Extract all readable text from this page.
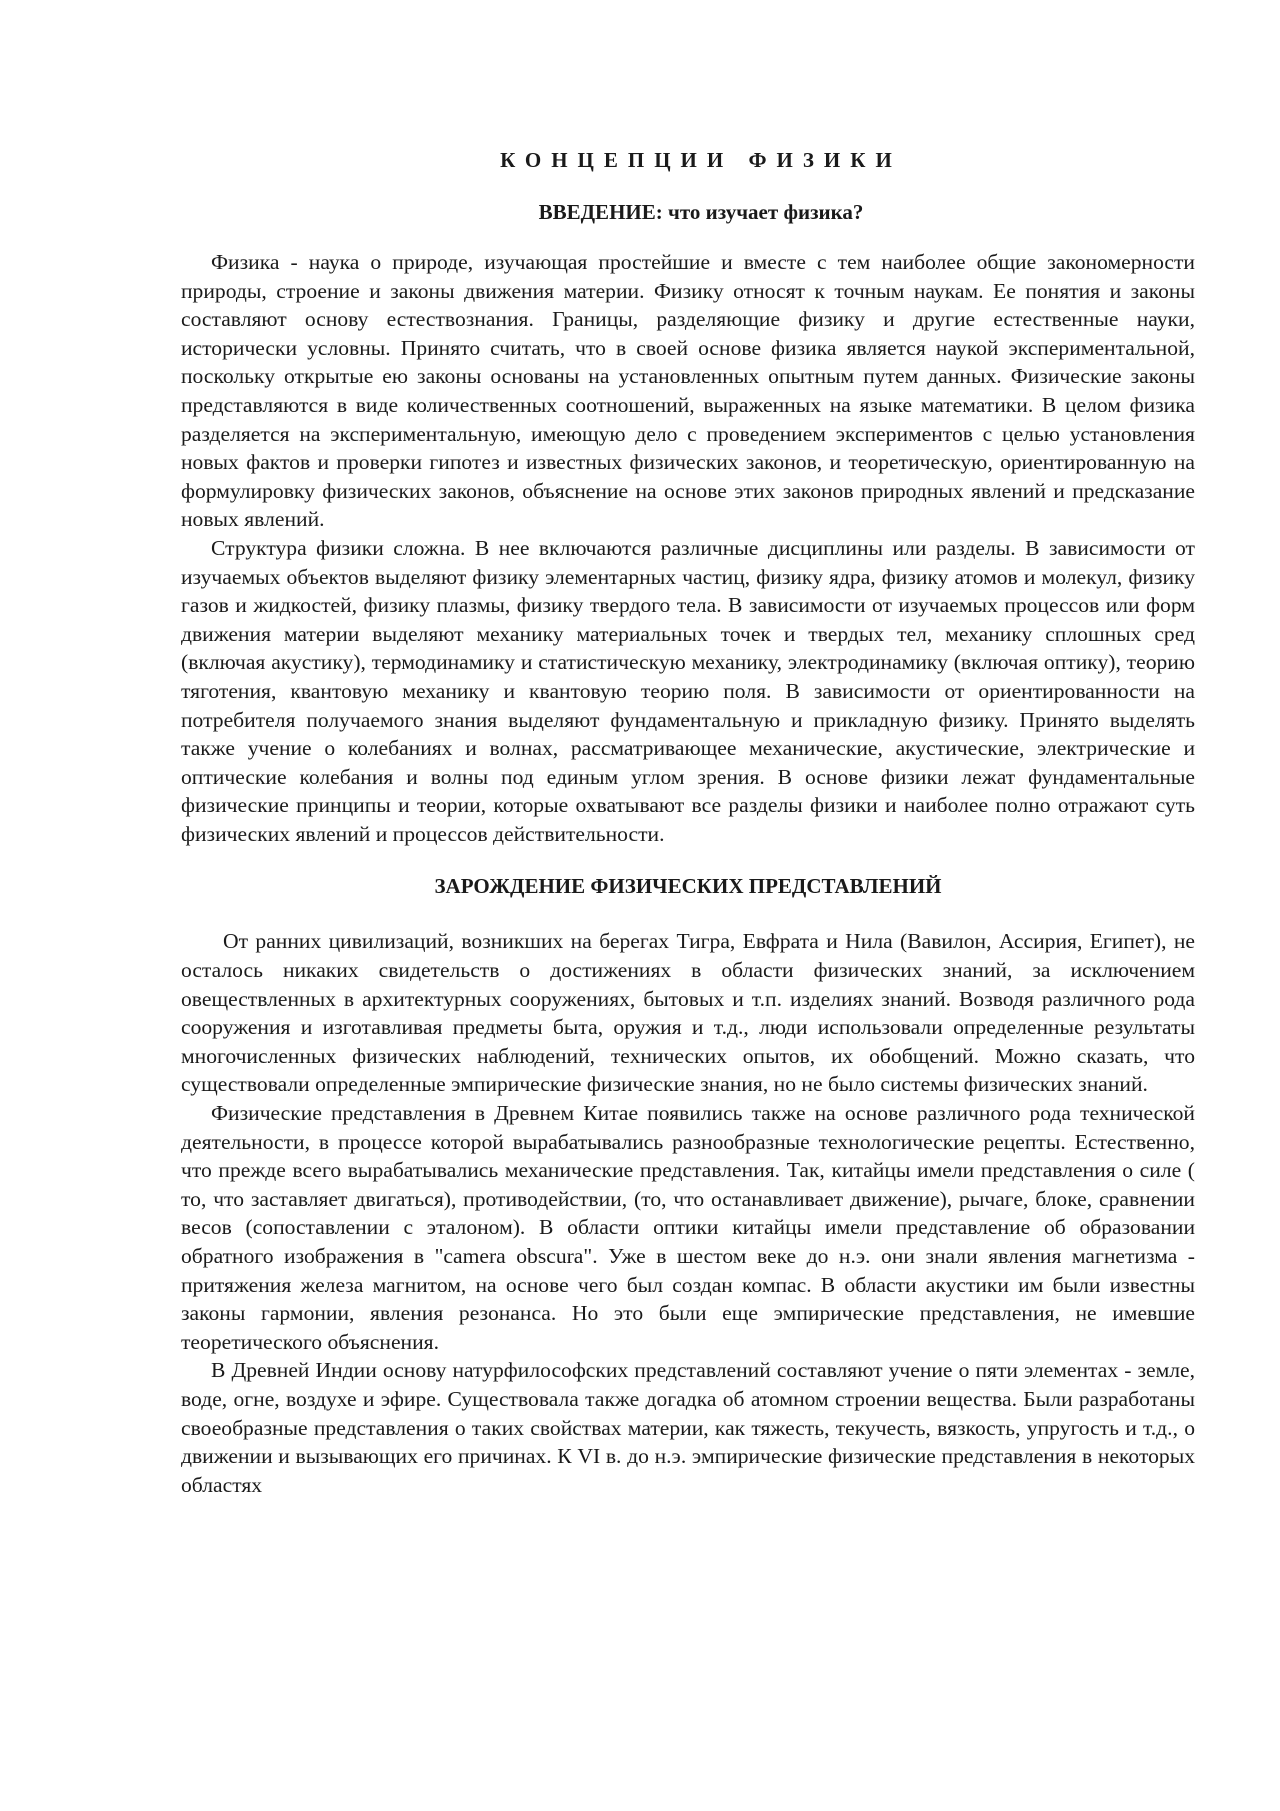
КОНЦЕПЦИИ ФИЗИКИ
ВВЕДЕНИЕ: что изучает физика?

Физика - наука о природе, изучающая простейшие и вместе с тем наиболее общие закономерности природы, строение и законы движения материи. Физику относят к точным наукам. Ее понятия и законы составляют основу естествознания. Границы, разделяющие физику и другие естественные науки, исторически условны. Принято считать, что в своей основе физика является наукой экспериментальной, поскольку открытые ею законы основаны на установленных опытным путем данных. Физические законы представляются в виде количественных соотношений, выраженных на языке математики. В целом физика разделяется на экспериментальную, имеющую дело с проведением экспериментов с целью установления новых фактов и проверки гипотез и известных физических законов, и теоретическую, ориентированную на формулировку физических законов, объяснение на основе этих законов природных явлений и предсказание новых явлений.

Структура физики сложна. В нее включаются различные дисциплины или разделы. В зависимости от изучаемых объектов выделяют физику элементарных частиц, физику ядра, физику атомов и молекул, физику газов и жидкостей, физику плазмы, физику твердого тела. В зависимости от изучаемых процессов или форм движения материи выделяют механику материальных точек и твердых тел, механику сплошных сред (включая акустику), термодинамику и статистическую механику, электродинамику (включая оптику), теорию тяготения, квантовую механику и квантовую теорию поля. В зависимости от ориентированности на потребителя получаемого знания выделяют фундаментальную и прикладную физику. Принято выделять также учение о колебаниях и волнах, рассматривающее механические, акустические, электрические и оптические колебания и волны под единым углом зрения. В основе физики лежат фундаментальные физические принципы и теории, которые охватывают все разделы физики и наиболее полно отражают суть физических явлений и процессов действительности.

ЗАРОЖДЕНИЕ ФИЗИЧЕСКИХ ПРЕДСТАВЛЕНИЙ

От ранних цивилизаций, возникших на берегах Тигра, Евфрата и Нила (Вавилон, Ассирия, Египет), не осталось никаких свидетельств о достижениях в области физических знаний, за исключением овеществленных в архитектурных сооружениях, бытовых и т.п. изделиях знаний. Возводя различного рода сооружения и изготавливая предметы быта, оружия и т.д., люди использовали определенные результаты многочисленных физических наблюдений, технических опытов, их обобщений. Можно сказать, что существовали определенные эмпирические физические знания, но не было системы физических знаний.

Физические представления в Древнем Китае появились также на основе различного рода технической деятельности, в процессе которой вырабатывались разнообразные технологические рецепты. Естественно, что прежде всего вырабатывались механические представления. Так, китайцы имели представления о силе ( то, что заставляет двигаться), противодействии, (то, что останавливает движение), рычаге, блоке, сравнении весов (сопоставлении с эталоном). В области оптики китайцы имели представление об образовании обратного изображения в "camera obscura". Уже в шестом веке до н.э. они знали явления магнетизма - притяжения железа магнитом, на основе чего был создан компас. В области акустики им были известны законы гармонии, явления резонанса. Но это были еще эмпирические представления, не имевшие теоретического объяснения.

В Древней Индии основу натурфилософских представлений составляют учение о пяти элементах - земле, воде, огне, воздухе и эфире. Существовала также догадка об атомном строении вещества. Были разработаны своеобразные представления о таких свойствах материи, как тяжесть, текучесть, вязкость, упругость и т.д., о движении и вызывающих его причинах. К VI в. до н.э. эмпирические физические представления в некоторых областях
